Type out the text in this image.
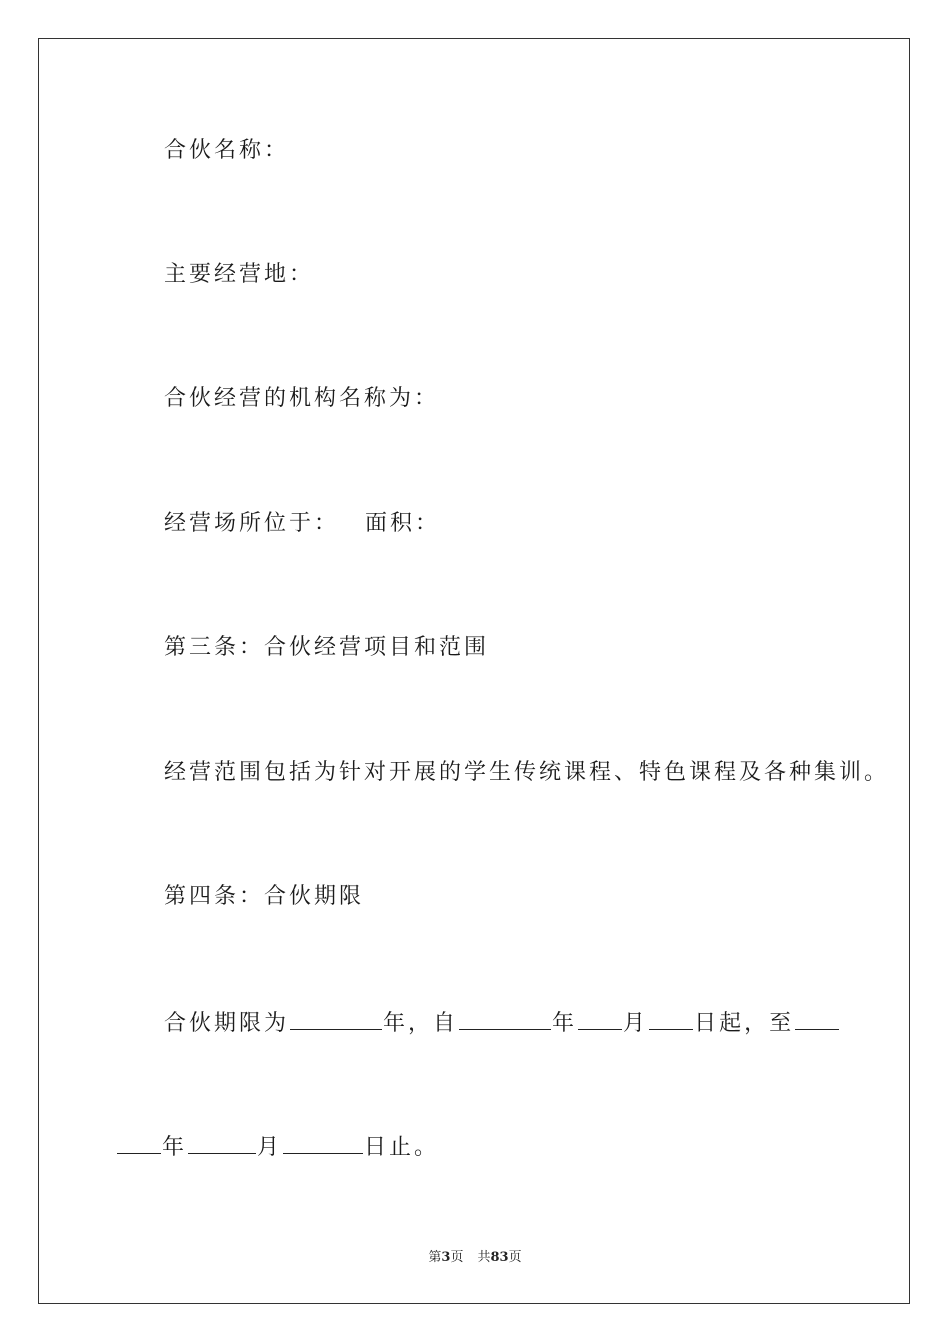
合伙名称：
主要经营地：
合伙经营的机构名称为：
经营场所位于： 面积：
第三条：合伙经营项目和范围
经营范围包括为针对开展的学生传统课程、特色课程及各种集训。
第四条：合伙期限
合伙期限为	年，自	年 月 日起，至
年	月	日止。
第3页 共83页
